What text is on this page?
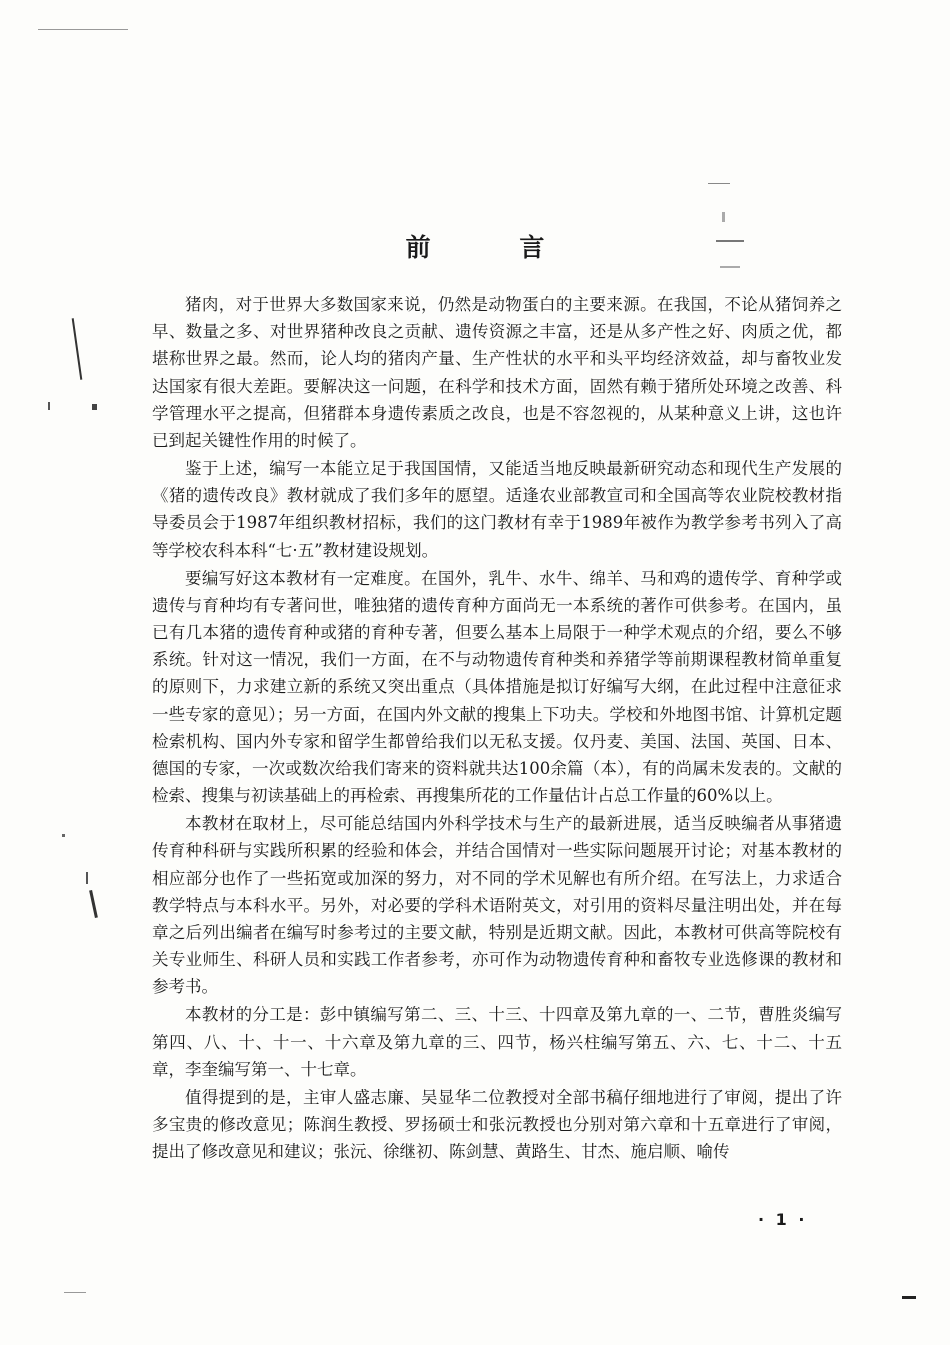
前 言

猪肉，对于世界大多数国家来说，仍然是动物蛋白的主要来源。在我国，不论从猪饲养之早、数量之多、对世界猪种改良之贡献、遗传资源之丰富，还是从多产性之好、肉质之优，都堪称世界之最。然而，论人均的猪肉产量、生产性状的水平和头平均经济效益，却与畜牧业发达国家有很大差距。要解决这一问题，在科学和技术方面，固然有赖于猪所处环境之改善、科学管理水平之提高，但猪群本身遗传素质之改良，也是不容忽视的，从某种意义上讲，这也许已到起关键性作用的时候了。

鉴于上述，编写一本能立足于我国国情，又能适当地反映最新研究动态和现代生产发展的《猪的遗传改良》教材就成了我们多年的愿望。适逢农业部教宣司和全国高等农业院校教材指导委员会于1987年组织教材招标，我们的这门教材有幸于1989年被作为教学参考书列入了高等学校农科本科“七·五”教材建设规划。

要编写好这本教材有一定难度。在国外，乳牛、水牛、绵羊、马和鸡的遗传学、育种学或遗传与育种均有专著问世，唯独猪的遗传育种方面尚无一本系统的著作可供参考。在国内，虽已有几本猪的遗传育种或猪的育种专著，但要么基本上局限于一种学术观点的介绍，要么不够系统。针对这一情况，我们一方面，在不与动物遗传育种类和养猪学等前期课程教材简单重复的原则下，力求建立新的系统又突出重点（具体措施是拟订好编写大纲，在此过程中注意征求一些专家的意见）；另一方面，在国内外文献的搜集上下功夫。学校和外地图书馆、计算机定题检索机构、国内外专家和留学生都曾给我们以无私支援。仅丹麦、美国、法国、英国、日本、德国的专家，一次或数次给我们寄来的资料就共达100余篇（本），有的尚属未发表的。文献的检索、搜集与初读基础上的再检索、再搜集所花的工作量估计占总工作量的60%以上。

本教材在取材上，尽可能总结国内外科学技术与生产的最新进展，适当反映编者从事猪遗传育种科研与实践所积累的经验和体会，并结合国情对一些实际问题展开讨论；对基本教材的相应部分也作了一些拓宽或加深的努力，对不同的学术见解也有所介绍。在写法上，力求适合教学特点与本科水平。另外，对必要的学科术语附英文，对引用的资料尽量注明出处，并在每章之后列出编者在编写时参考过的主要文献，特别是近期文献。因此，本教材可供高等院校有关专业师生、科研人员和实践工作者参考，亦可作为动物遗传育种和畜牧专业选修课的教材和参考书。

本教材的分工是：彭中镇编写第二、三、十三、十四章及第九章的一、二节，曹胜炎编写第四、八、十、十一、十六章及第九章的三、四节，杨兴柱编写第五、六、七、十二、十五章，李奎编写第一、十七章。

值得提到的是，主审人盛志廉、吴显华二位教授对全部书稿仔细地进行了审阅，提出了许多宝贵的修改意见；陈润生教授、罗扬硕士和张沅教授也分别对第六章和十五章进行了审阅，提出了修改意见和建议；张沅、徐继初、陈剑慧、黄路生、甘杰、施启顺、喻传

· 1 ·
